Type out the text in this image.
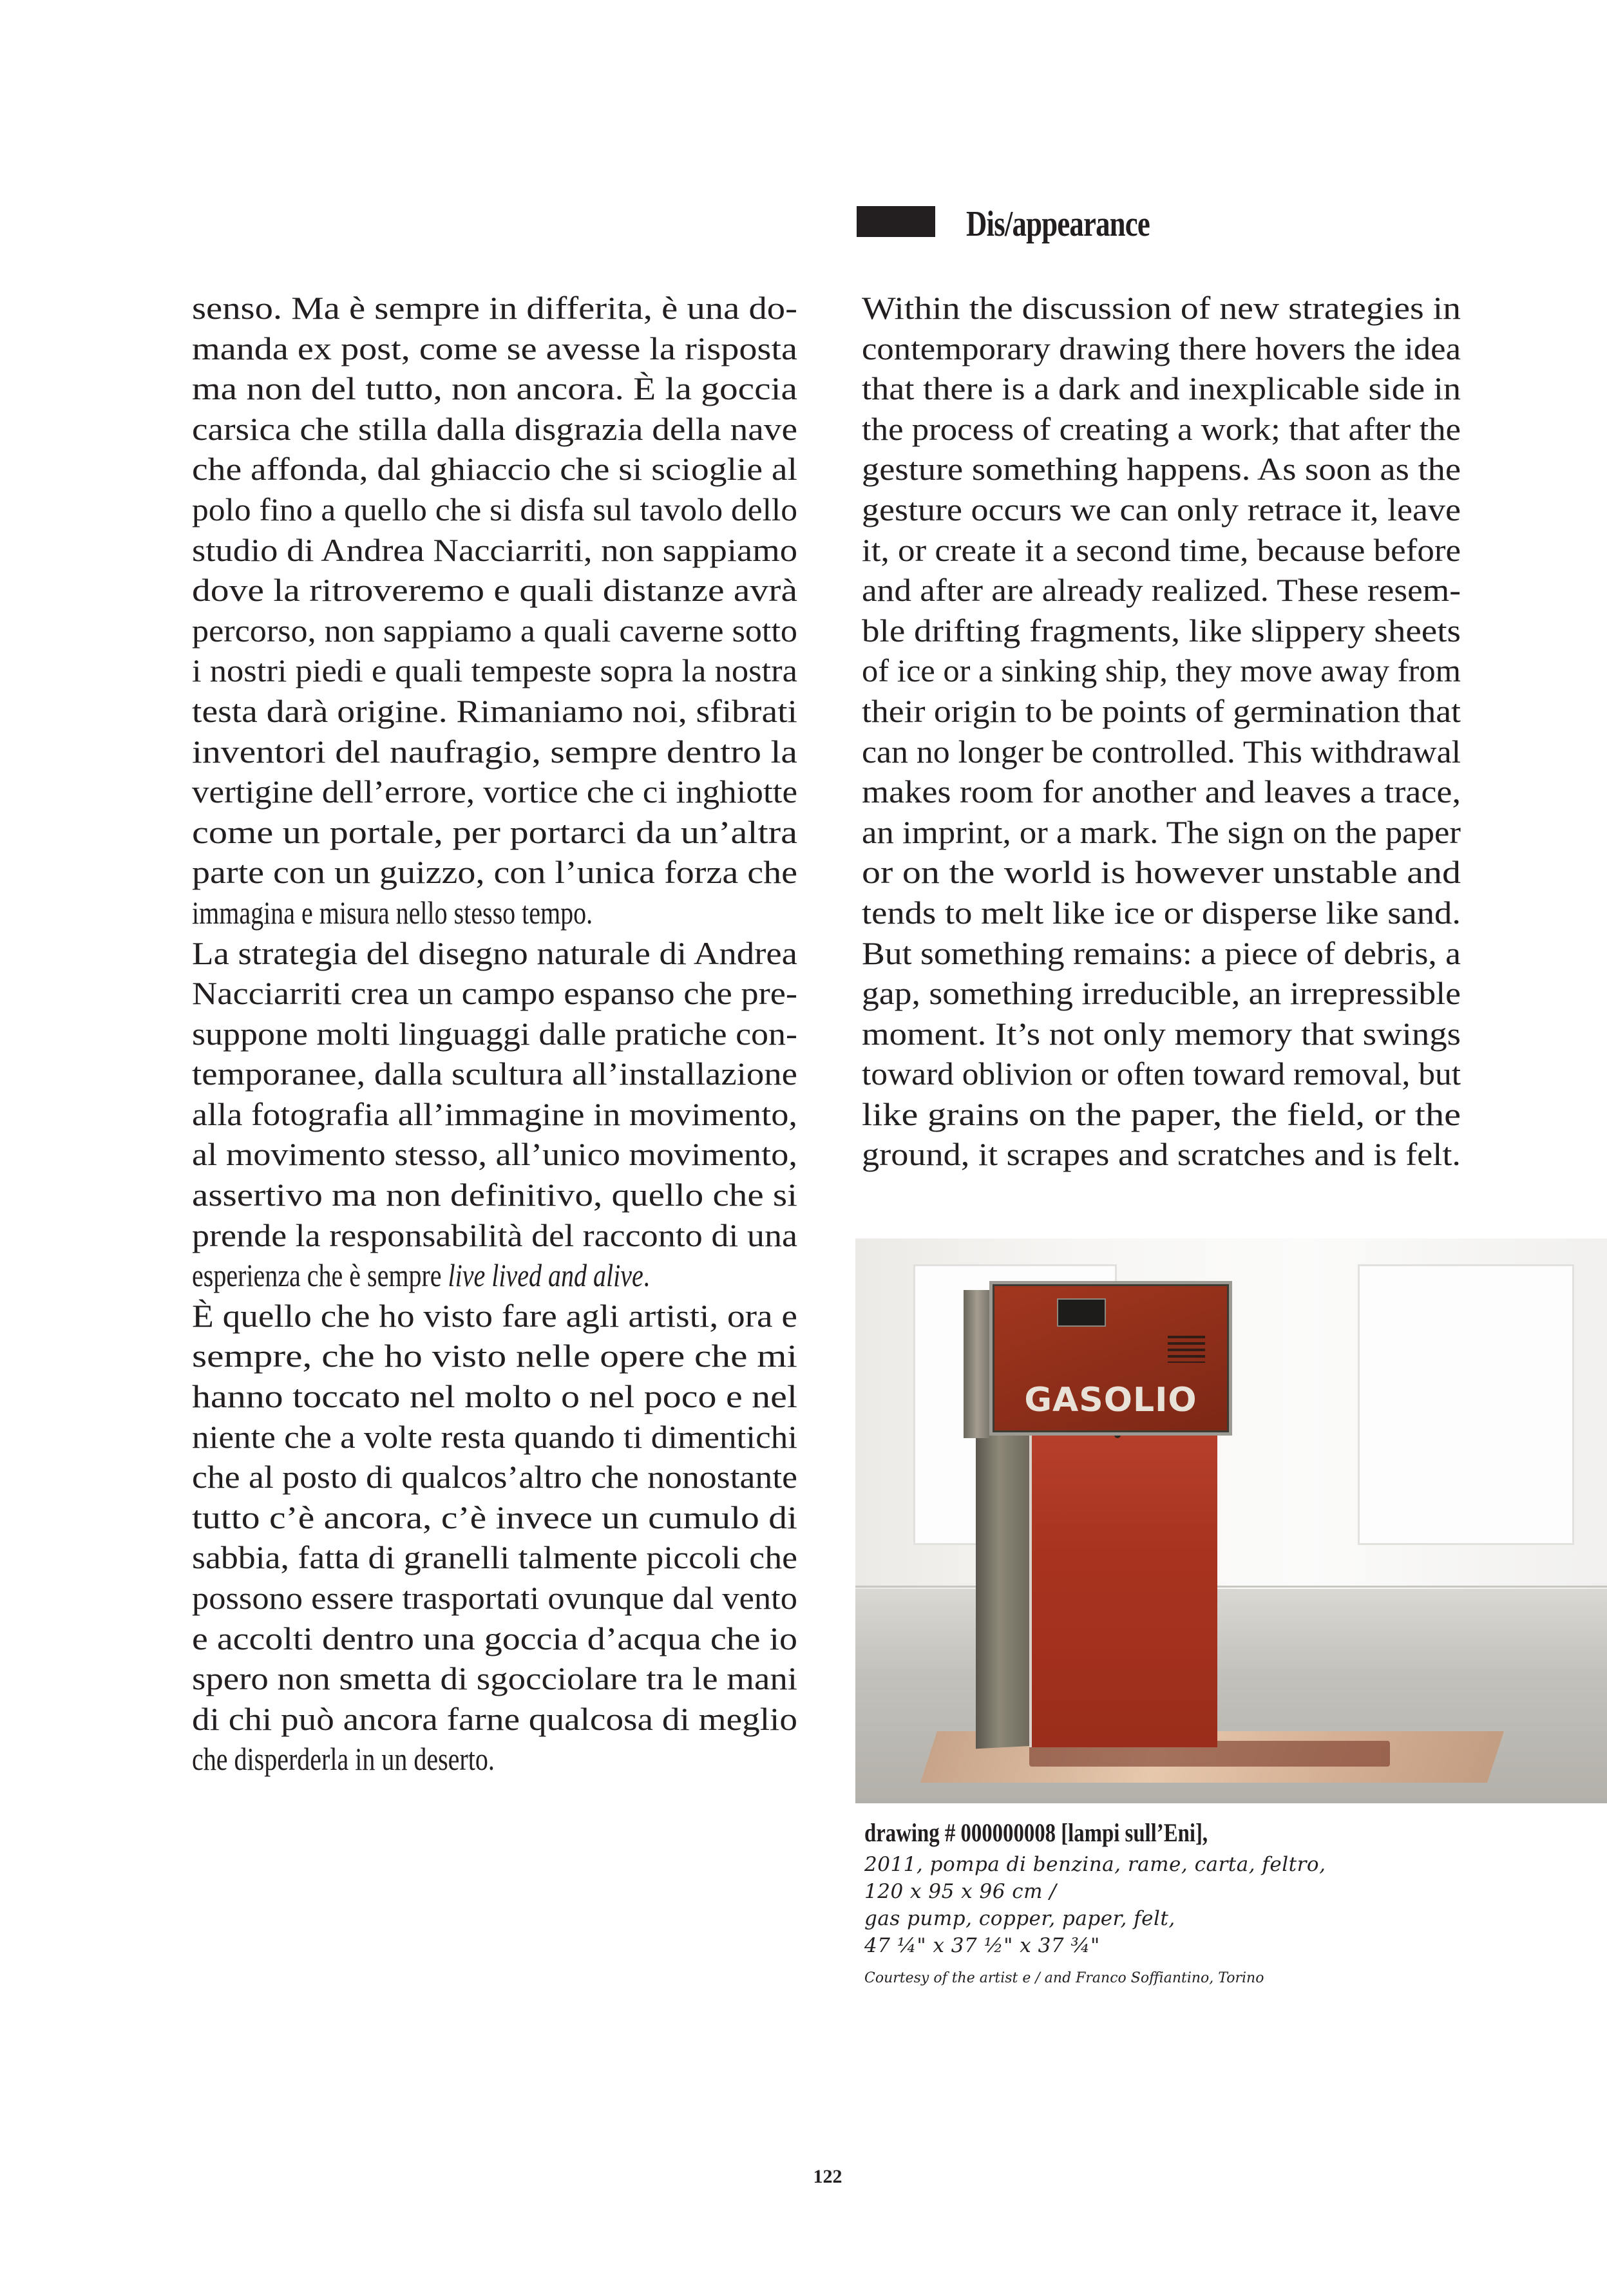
Dis/appearance
senso. Ma è sempre in differita, è una do-
manda ex post, come se avesse la risposta
ma non del tutto, non ancora. È la goccia
carsica che stilla dalla disgrazia della nave
che affonda, dal ghiaccio che si scioglie al
polo fino a quello che si disfa sul tavolo dello
studio di Andrea Nacciarriti, non sappiamo
dove la ritroveremo e quali distanze avrà
percorso, non sappiamo a quali caverne sotto
i nostri piedi e quali tempeste sopra la nostra
testa darà origine. Rimaniamo noi, sfibrati
inventori del naufragio, sempre dentro la
vertigine dell’errore, vortice che ci inghiotte
come un portale, per portarci da un’altra
parte con un guizzo, con l’unica forza che
immagina e misura nello stesso tempo.
La strategia del disegno naturale di Andrea
Nacciarriti crea un campo espanso che pre-
suppone molti linguaggi dalle pratiche con-
temporanee, dalla scultura all’installazione
alla fotografia all’immagine in movimento,
al movimento stesso, all’unico movimento,
assertivo ma non definitivo, quello che si
prende la responsabilità del racconto di una
esperienza che è sempre live lived and alive.
È quello che ho visto fare agli artisti, ora e
sempre, che ho visto nelle opere che mi
hanno toccato nel molto o nel poco e nel
niente che a volte resta quando ti dimentichi
che al posto di qualcos’altro che nonostante
tutto c’è ancora, c’è invece un cumulo di
sabbia, fatta di granelli talmente piccoli che
possono essere trasportati ovunque dal vento
e accolti dentro una goccia d’acqua che io
spero non smetta di sgocciolare tra le mani
di chi può ancora farne qualcosa di meglio
che disperderla in un deserto.
Within the discussion of new strategies in
contemporary drawing there hovers the idea
that there is a dark and inexplicable side in
the process of creating a work; that after the
gesture something happens. As soon as the
gesture occurs we can only retrace it, leave
it, or create it a second time, because before
and after are already realized. These resem-
ble drifting fragments, like slippery sheets
of ice or a sinking ship, they move away from
their origin to be points of germination that
can no longer be controlled. This withdrawal
makes room for another and leaves a trace,
an imprint, or a mark. The sign on the paper
or on the world is however unstable and
tends to melt like ice or disperse like sand.
But something remains: a piece of debris, a
gap, something irreducible, an irrepressible
moment. It’s not only memory that swings
toward oblivion or often toward removal, but
like grains on the paper, the field, or the
ground, it scrapes and scratches and is felt.
GASOLIO
drawing # 000000008 [lampi sull’Eni],
2011, pompa di benzina, rame, carta, feltro,
120 x 95 x 96 cm /
gas pump, copper, paper, felt,
47 ¼" x 37 ½" x 37 ¾"
Courtesy of the artist e / and Franco Soffiantino, Torino
122
